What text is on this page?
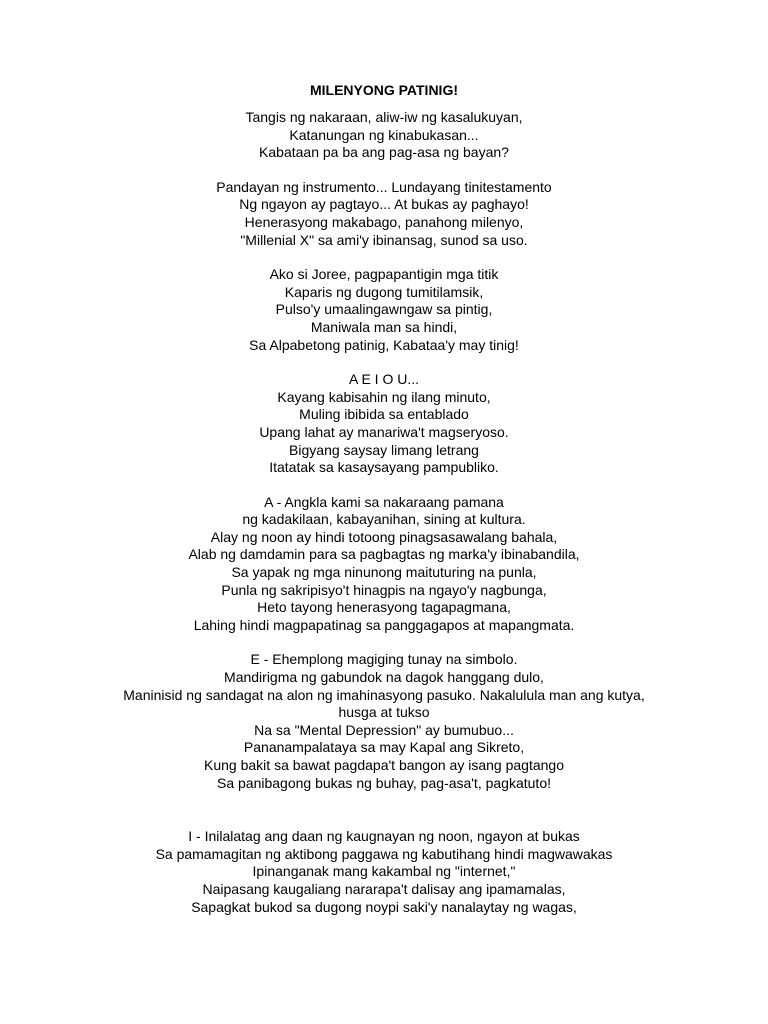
MILENYONG PATINIG!
Tangis ng nakaraan, aliw-iw ng kasalukuyan,
Katanungan ng kinabukasan...
Kabataan pa ba ang pag-asa ng bayan?
Pandayan ng instrumento... Lundayang tinitestamento
Ng ngayon ay pagtayo... At bukas ay paghayo!
Henerasyong makabago, panahong milenyo,
"Millenial X" sa ami'y ibinansag, sunod sa uso.
Ako si Joree, pagpapantigin mga titik
Kaparis ng dugong tumitilamsik,
Pulso'y umaalingawngaw sa pintig,
Maniwala man sa hindi,
Sa Alpabetong patinig, Kabataa'y may tinig!
A E I O U...
Kayang kabisahin ng ilang minuto,
Muling ibibida sa entablado
Upang lahat ay manariwa't magseryoso.
Bigyang saysay limang letrang
Itatatak sa kasaysayang pampubliko.
A - Angkla kami sa nakaraang pamana
ng kadakilaan, kabayanihan, sining at kultura.
Alay ng noon ay hindi totoong pinagsasawalang bahala,
Alab ng damdamin para sa pagbagtas ng marka'y ibinabandila,
Sa yapak ng mga ninunong maituturing na punla,
Punla ng sakripisyo't hinagpis na ngayo'y nagbunga,
Heto tayong henerasyong tagapagmana,
Lahing hindi magpapatinag sa panggagapos at mapangmata.
E - Ehemplong magiging tunay na simbolo.
Mandirigma ng gabundok na dagok hanggang dulo,
Maninisid ng sandagat na alon ng imahinasyong pasuko. Nakalulula man ang kutya,
husga at tukso
Na sa "Mental Depression" ay bumubuo...
Pananampalataya sa may Kapal ang Sikreto,
Kung bakit sa bawat pagdapa't bangon ay isang pagtango
Sa panibagong bukas ng buhay, pag-asa't, pagkatuto!
I - Inilalatag ang daan ng kaugnayan ng noon, ngayon at bukas
Sa pamamagitan ng aktibong paggawa ng kabutihang hindi magwawakas
Ipinanganak mang kakambal ng "internet,"
Naipasang kaugaliang nararapa't dalisay ang ipamamalas,
Sapagkat bukod sa dugong noypi saki'y nanalaytay ng wagas,
